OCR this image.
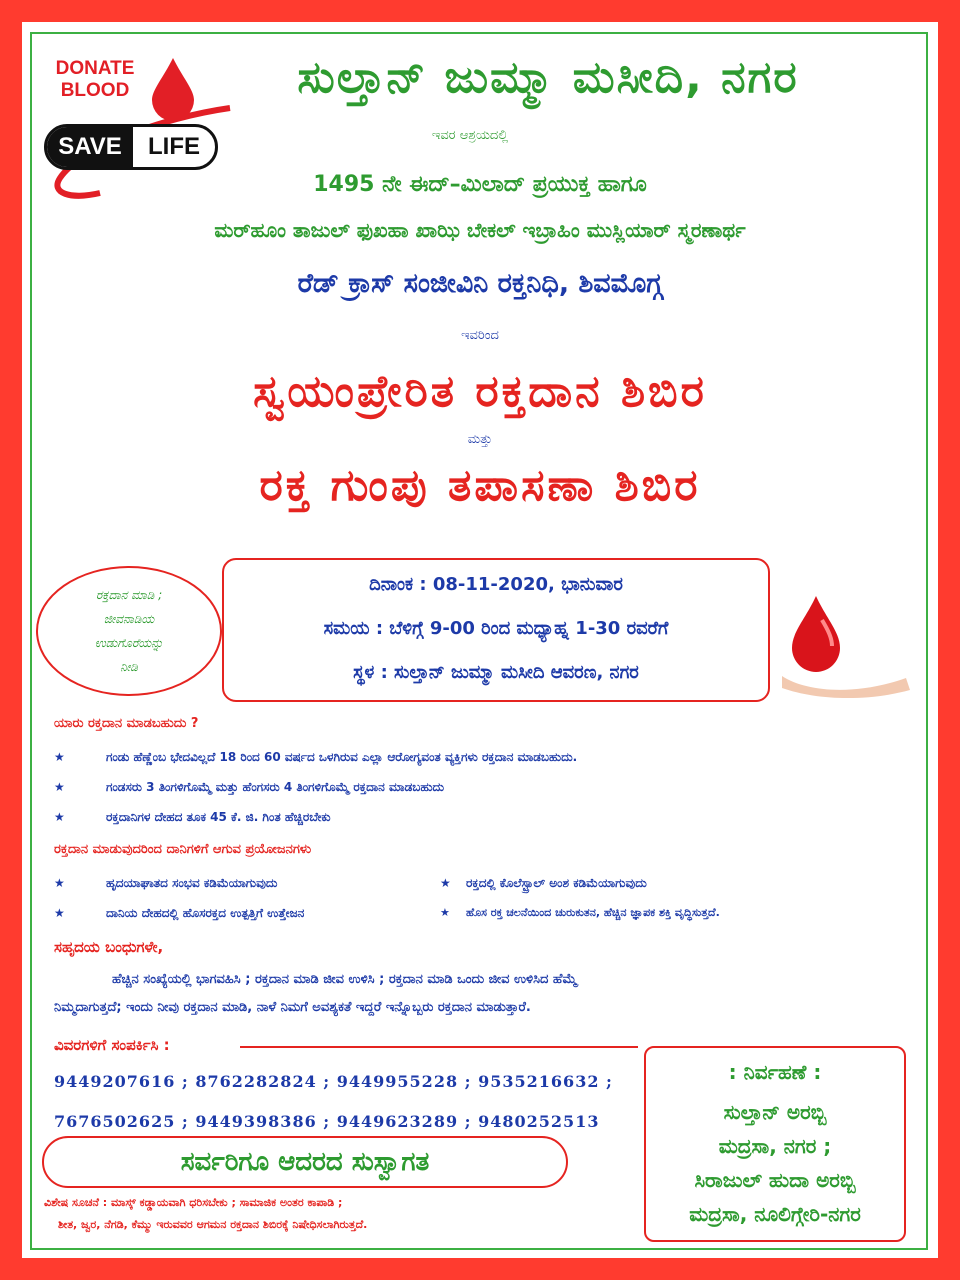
DONATE
BLOOD
SAVE	LIFE
ಸುಲ್ತಾನ್ ಜುಮ್ಮಾ ಮಸೀದಿ, ನಗರ
ಇವರ ಆಶ್ರಯದಲ್ಲಿ
1495 ನೇ ಈದ್–ಮಿಲಾದ್ ಪ್ರಯುಕ್ತ ಹಾಗೂ
ಮರ್‌ಹೂಂ ತಾಜುಲ್ ಫುಖಹಾ ಖಾಝಿ ಬೇಕಲ್ ಇಬ್ರಾಹಿಂ ಮುಸ್ಲಿಯಾರ್ ಸ್ಮರಣಾರ್ಥ
ರೆಡ್ ಕ್ರಾಸ್ ಸಂಜೀವಿನಿ ರಕ್ತನಿಧಿ, ಶಿವಮೊಗ್ಗ
ಇವರಿಂದ
ಸ್ವಯಂಪ್ರೇರಿತ ರಕ್ತದಾನ ಶಿಬಿರ
ಮತ್ತು
ರಕ್ತ ಗುಂಪು ತಪಾಸಣಾ ಶಿಬಿರ
ರಕ್ತದಾನ ಮಾಡಿ ;
ಜೀವನಾಡಿಯ
ಉಡುಗೊರೆಯನ್ನು
ನೀಡಿ
ದಿನಾಂಕ : 08-11-2020, ಭಾನುವಾರ
ಸಮಯ : ಬೆಳಿಗ್ಗೆ 9-00 ರಿಂದ ಮಧ್ಯಾಹ್ನ 1-30 ರವರೆಗೆ
ಸ್ಥಳ : ಸುಲ್ತಾನ್ ಜುಮ್ಮಾ ಮಸೀದಿ ಆವರಣ, ನಗರ
ಯಾರು ರಕ್ತದಾನ ಮಾಡಬಹುದು ?
★	ಗಂಡು ಹೆಣ್ಣೆಂಬ ಭೇದವಿಲ್ಲದೆ 18 ರಿಂದ 60 ವರ್ಷದ ಒಳಗಿರುವ ಎಲ್ಲಾ ಆರೋಗ್ಯವಂತ ವ್ಯಕ್ತಿಗಳು ರಕ್ತದಾನ ಮಾಡಬಹುದು.
★	ಗಂಡಸರು 3 ತಿಂಗಳಿಗೊಮ್ಮೆ ಮತ್ತು ಹೆಂಗಸರು 4 ತಿಂಗಳಿಗೊಮ್ಮೆ ರಕ್ತದಾನ ಮಾಡಬಹುದು
★	ರಕ್ತದಾನಿಗಳ ದೇಹದ ತೂಕ 45 ಕೆ. ಜಿ. ಗಿಂತ ಹೆಚ್ಚಿರಬೇಕು
ರಕ್ತದಾನ ಮಾಡುವುದರಿಂದ ದಾನಿಗಳಿಗೆ ಆಗುವ ಪ್ರಯೋಜನಗಳು
★	ಹೃದಯಾಘಾತದ ಸಂಭವ ಕಡಿಮೆಯಾಗುವುದು	★ ರಕ್ತದಲ್ಲಿ ಕೊಲೆಸ್ಟ್ರಾಲ್ ಅಂಶ ಕಡಿಮೆಯಾಗುವುದು
★	ದಾನಿಯ ದೇಹದಲ್ಲಿ ಹೊಸರಕ್ತದ ಉತ್ಪತ್ತಿಗೆ ಉತ್ತೇಜನ	★ ಹೊಸ ರಕ್ತ ಚಲನೆಯಿಂದ ಚುರುಕುತನ, ಹೆಚ್ಚಿನ ಜ್ಞಾಪಕ ಶಕ್ತಿ ವೃದ್ಧಿಸುತ್ತದೆ.
ಸಹೃದಯ ಬಂಧುಗಳೇ,
ಹೆಚ್ಚಿನ ಸಂಖ್ಯೆಯಲ್ಲಿ ಭಾಗವಹಿಸಿ ; ರಕ್ತದಾನ ಮಾಡಿ ಜೀವ ಉಳಿಸಿ ; ರಕ್ತದಾನ ಮಾಡಿ ಒಂದು ಜೀವ ಉಳಿಸಿದ ಹೆಮ್ಮೆ
ನಿಮ್ಮದಾಗುತ್ತದೆ; ಇಂದು ನೀವು ರಕ್ತದಾನ ಮಾಡಿ, ನಾಳೆ ನಿಮಗೆ ಅವಶ್ಯಕತೆ ಇದ್ದರೆ ಇನ್ನೊಬ್ಬರು ರಕ್ತದಾನ ಮಾಡುತ್ತಾರೆ.
ವಿವರಗಳಿಗೆ ಸಂಪರ್ಕಿಸಿ :
9449207616 ; 8762282824 ; 9449955228 ; 9535216632 ;
7676502625 ; 9449398386 ; 9449623289 ; 9480252513
ಸರ್ವರಿಗೂ ಆದರದ ಸುಸ್ವಾಗತ
: ನಿರ್ವಹಣೆ :
ಸುಲ್ತಾನ್ ಅರಬ್ಬಿ
ಮದ್ರಸಾ, ನಗರ ;
ಸಿರಾಜುಲ್ ಹುದಾ ಅರಬ್ಬಿ
ಮದ್ರಸಾ, ನೂಲಿಗ್ಗೇರಿ-ನಗರ
ವಿಶೇಷ ಸೂಚನೆ : ಮಾಸ್ಕ್ ಕಡ್ಡಾಯವಾಗಿ ಧರಿಸಬೇಕು ; ಸಾಮಾಜಿಕ ಅಂತರ ಕಾಪಾಡಿ ;
ಶೀತ, ಜ್ವರ, ನೆಗಡಿ, ಕೆಮ್ಮು ಇರುವವರ ಆಗಮನ ರಕ್ತದಾನ ಶಿಬಿರಕ್ಕೆ ನಿಷೇಧಿಸಲಾಗಿರುತ್ತದೆ.
